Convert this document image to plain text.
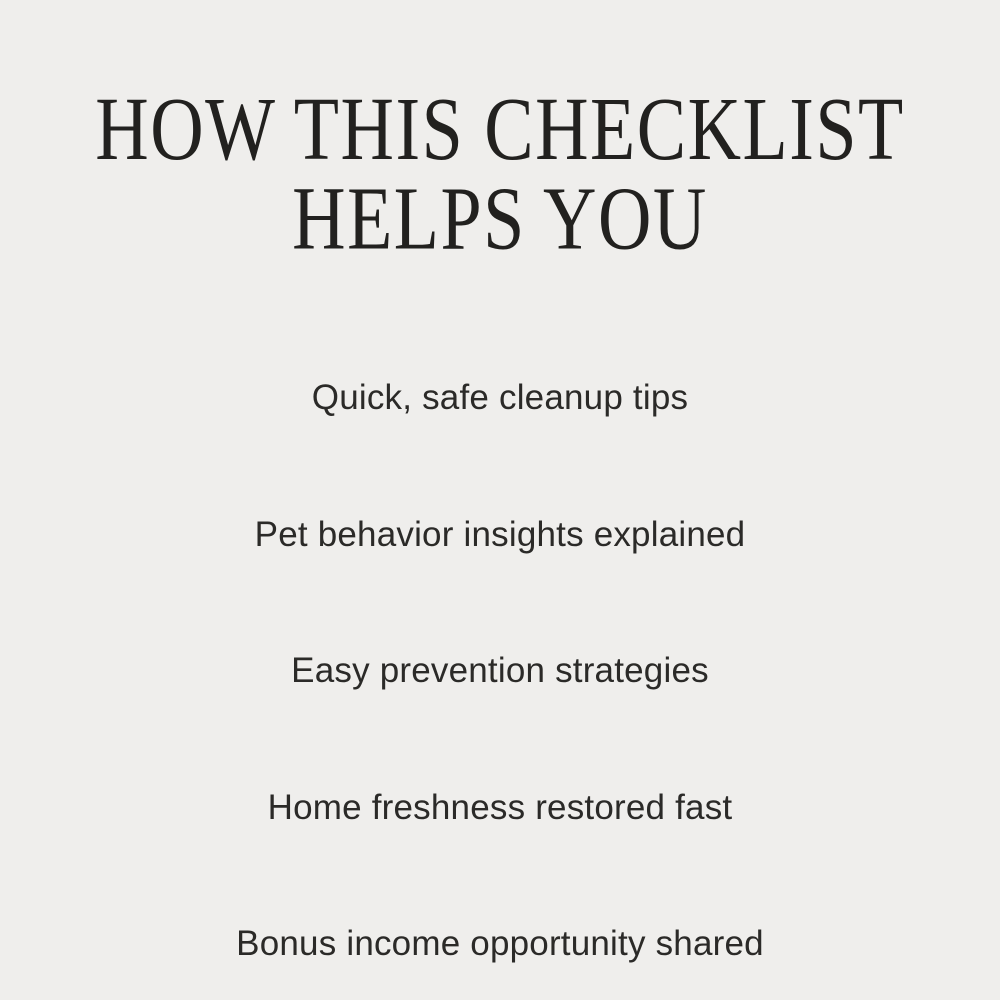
HOW THIS CHECKLIST
HELPS YOU
Quick, safe cleanup tips
Pet behavior insights explained
Easy prevention strategies
Home freshness restored fast
Bonus income opportunity shared
